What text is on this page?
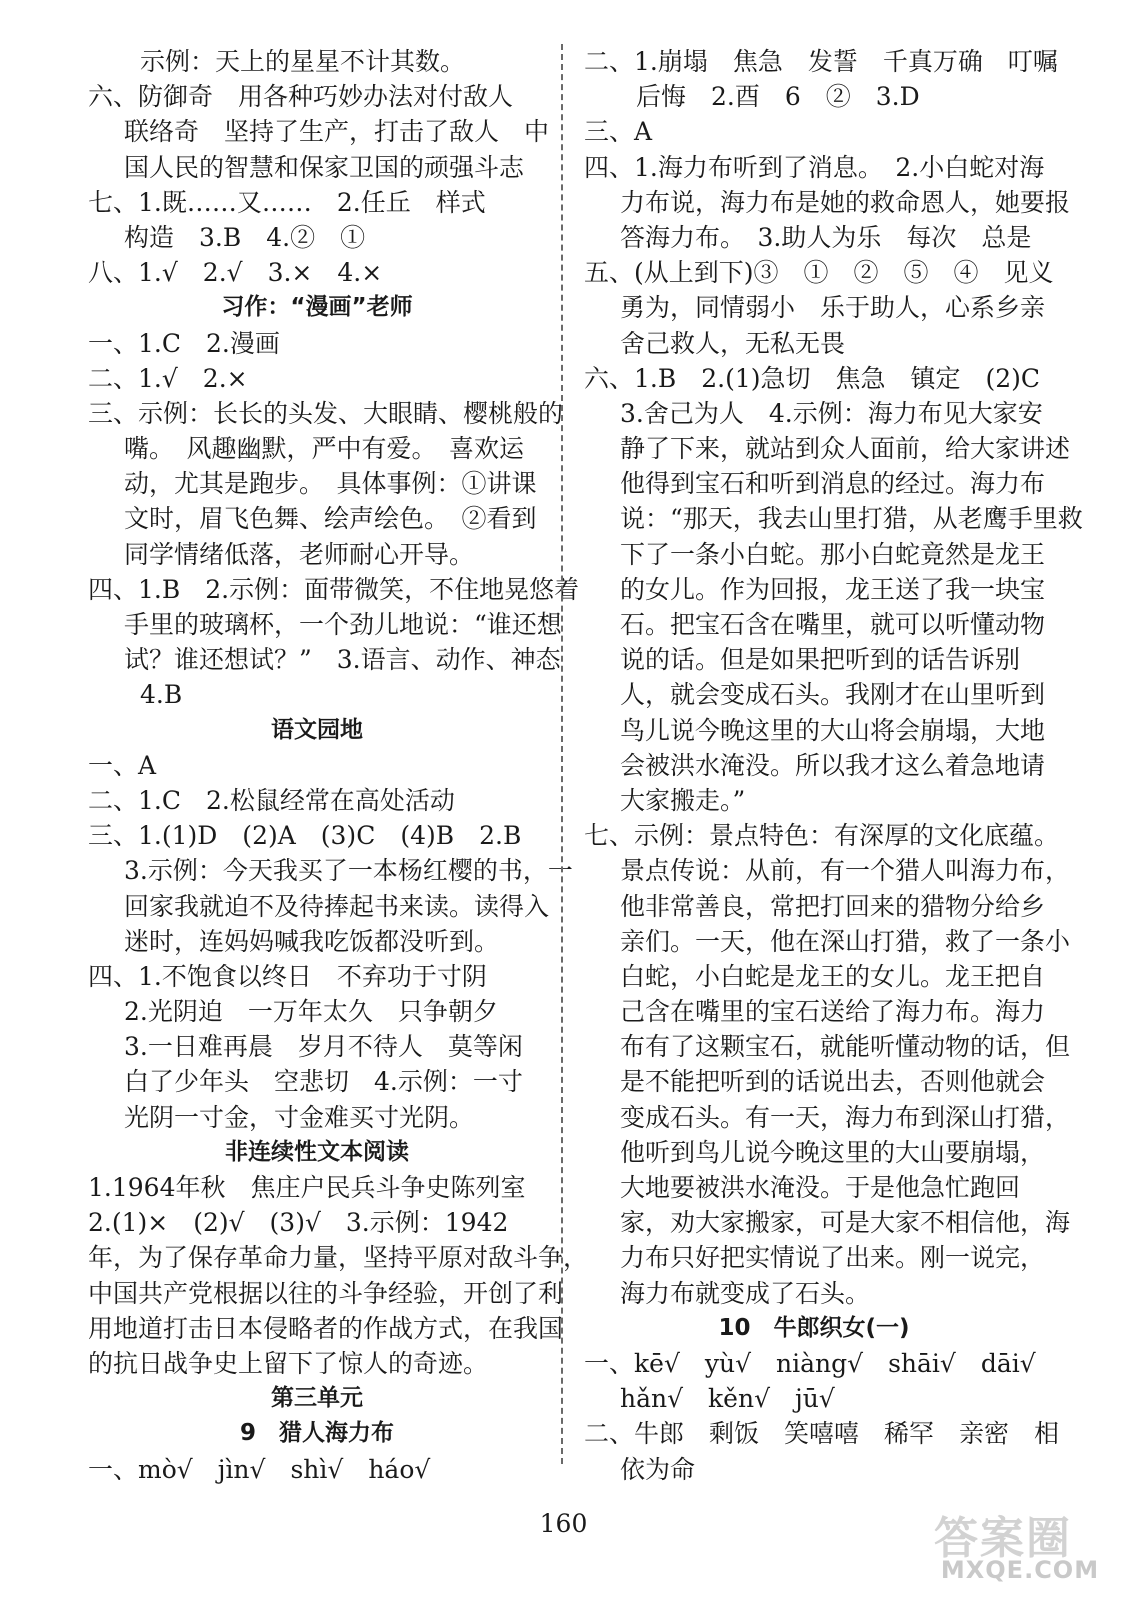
示例：天上的星星不计其数。
六、防御奇　用各种巧妙办法对付敌人
联络奇　坚持了生产，打击了敌人　中
国人民的智慧和保家卫国的顽强斗志
七、1.既……又……　2.任丘　样式
构造　3.B　4.②　①
八、1.√　2.√　3.×　4.×
习作：“漫画”老师
一、1.C　2.漫画
二、1.√　2.×
三、示例：长长的头发、大眼睛、樱桃般的
嘴。　风趣幽默，严中有爱。　喜欢运
动，尤其是跑步。　具体事例：①讲课
文时，眉飞色舞、绘声绘色。　②看到
同学情绪低落，老师耐心开导。
四、1.B　2.示例：面带微笑，不住地晃悠着
手里的玻璃杯，一个劲儿地说：“谁还想
试？谁还想试？”　3.语言、动作、神态
4.B
语文园地
一、A
二、1.C　2.松鼠经常在高处活动
三、1.(1)D　(2)A　(3)C　(4)B　2.B
3.示例：今天我买了一本杨红樱的书，一
回家我就迫不及待捧起书来读。读得入
迷时，连妈妈喊我吃饭都没听到。
四、1.不饱食以终日　不弃功于寸阴
2.光阴迫　一万年太久　只争朝夕
3.一日难再晨　岁月不待人　莫等闲
白了少年头　空悲切　4.示例：一寸
光阴一寸金，寸金难买寸光阴。
非连续性文本阅读
1.1964年秋　焦庄户民兵斗争史陈列室
2.(1)×　(2)√　(3)√　3.示例：1942
年，为了保存革命力量，坚持平原对敌斗争，
中国共产党根据以往的斗争经验，开创了利
用地道打击日本侵略者的作战方式，在我国
的抗日战争史上留下了惊人的奇迹。
第三单元
9　猎人海力布
一、mò√　jìn√　shì√　háo√
二、1.崩塌　焦急　发誓　千真万确　叮嘱
后悔　2.酉　6　②　3.D
三、A
四、1.海力布听到了消息。　2.小白蛇对海
力布说，海力布是她的救命恩人，她要报
答海力布。　3.助人为乐　每次　总是
五、(从上到下)③　①　②　⑤　④　见义
勇为，同情弱小　乐于助人，心系乡亲
舍己救人，无私无畏
六、1.B　2.(1)急切　焦急　镇定　(2)C
3.舍己为人　4.示例：海力布见大家安
静了下来，就站到众人面前，给大家讲述
他得到宝石和听到消息的经过。海力布
说：“那天，我去山里打猎，从老鹰手里救
下了一条小白蛇。那小白蛇竟然是龙王
的女儿。作为回报，龙王送了我一块宝
石。把宝石含在嘴里，就可以听懂动物
说的话。但是如果把听到的话告诉别
人，就会变成石头。我刚才在山里听到
鸟儿说今晚这里的大山将会崩塌，大地
会被洪水淹没。所以我才这么着急地请
大家搬走。”
七、示例：景点特色：有深厚的文化底蕴。
景点传说：从前，有一个猎人叫海力布，
他非常善良，常把打回来的猎物分给乡
亲们。一天，他在深山打猎，救了一条小
白蛇，小白蛇是龙王的女儿。龙王把自
己含在嘴里的宝石送给了海力布。海力
布有了这颗宝石，就能听懂动物的话，但
是不能把听到的话说出去，否则他就会
变成石头。有一天，海力布到深山打猎，
他听到鸟儿说今晚这里的大山要崩塌，
大地要被洪水淹没。于是他急忙跑回
家，劝大家搬家，可是大家不相信他，海
力布只好把实情说了出来。刚一说完，
海力布就变成了石头。
10　牛郎织女(一)
一、kē√　yù√　niàng√　shāi√　dāi√
hǎn√　kěn√　jū√
二、牛郎　剩饭　笑嘻嘻　稀罕　亲密　相
依为命
160	答案圈
MXQE.COM
